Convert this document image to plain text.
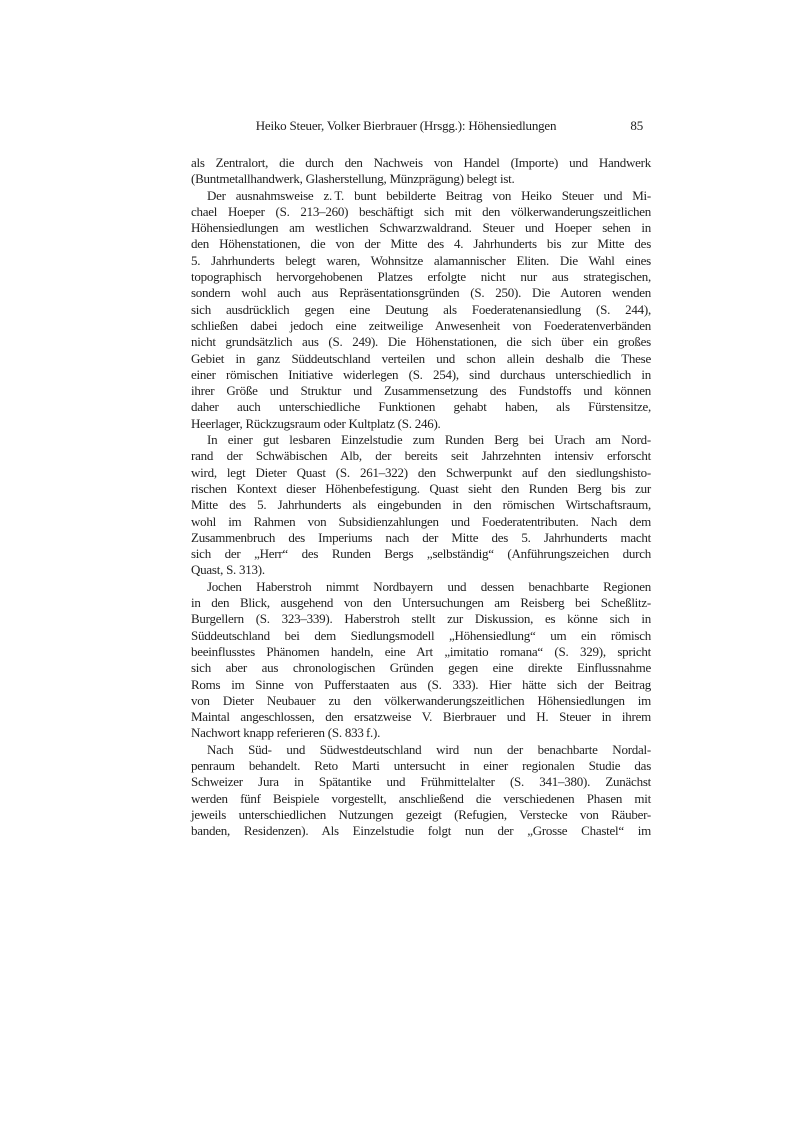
Heiko Steuer, Volker Bierbrauer (Hrsgg.): Höhensiedlungen	85
als Zentralort, die durch den Nachweis von Handel (Importe) und Handwerk
(Buntmetallhandwerk, Glasherstellung, Münzprägung) belegt ist.
Der ausnahmsweise z. T. bunt bebilderte Beitrag von Heiko Steuer und Mi-
chael Hoeper (S. 213–260) beschäftigt sich mit den völkerwanderungszeitlichen
Höhensiedlungen am westlichen Schwarzwaldrand. Steuer und Hoeper sehen in
den Höhenstationen, die von der Mitte des 4. Jahrhunderts bis zur Mitte des
5. Jahrhunderts belegt waren, Wohnsitze alamannischer Eliten. Die Wahl eines
topographisch hervorgehobenen Platzes erfolgte nicht nur aus strategischen,
sondern wohl auch aus Repräsentationsgründen (S. 250). Die Autoren wenden
sich ausdrücklich gegen eine Deutung als Foederatenansiedlung (S. 244),
schließen dabei jedoch eine zeitweilige Anwesenheit von Foederatenverbänden
nicht grundsätzlich aus (S. 249). Die Höhenstationen, die sich über ein großes
Gebiet in ganz Süddeutschland verteilen und schon allein deshalb die These
einer römischen Initiative widerlegen (S. 254), sind durchaus unterschiedlich in
ihrer Größe und Struktur und Zusammensetzung des Fundstoffs und können
daher auch unterschiedliche Funktionen gehabt haben, als Fürstensitze,
Heerlager, Rückzugsraum oder Kultplatz (S. 246).
In einer gut lesbaren Einzelstudie zum Runden Berg bei Urach am Nord-
rand der Schwäbischen Alb, der bereits seit Jahrzehnten intensiv erforscht
wird, legt Dieter Quast (S. 261–322) den Schwerpunkt auf den siedlungshisto-
rischen Kontext dieser Höhenbefestigung. Quast sieht den Runden Berg bis zur
Mitte des 5. Jahrhunderts als eingebunden in den römischen Wirtschaftsraum,
wohl im Rahmen von Subsidienzahlungen und Foederatentributen. Nach dem
Zusammenbruch des Imperiums nach der Mitte des 5. Jahrhunderts macht
sich der „Herr“ des Runden Bergs „selbständig“ (Anführungszeichen durch
Quast, S. 313).
Jochen Haberstroh nimmt Nordbayern und dessen benachbarte Regionen
in den Blick, ausgehend von den Untersuchungen am Reisberg bei Scheßlitz-
Burgellern (S. 323–339). Haberstroh stellt zur Diskussion, es könne sich in
Süddeutschland bei dem Siedlungsmodell „Höhensiedlung“ um ein römisch
beeinflusstes Phänomen handeln, eine Art „imitatio romana“ (S. 329), spricht
sich aber aus chronologischen Gründen gegen eine direkte Einflussnahme
Roms im Sinne von Pufferstaaten aus (S. 333). Hier hätte sich der Beitrag
von Dieter Neubauer zu den völkerwanderungszeitlichen Höhensiedlungen im
Maintal angeschlossen, den ersatzweise V. Bierbrauer und H. Steuer in ihrem
Nachwort knapp referieren (S. 833 f.).
Nach Süd- und Südwestdeutschland wird nun der benachbarte Nordal-
penraum behandelt. Reto Marti untersucht in einer regionalen Studie das
Schweizer Jura in Spätantike und Frühmittelalter (S. 341–380). Zunächst
werden fünf Beispiele vorgestellt, anschließend die verschiedenen Phasen mit
jeweils unterschiedlichen Nutzungen gezeigt (Refugien, Verstecke von Räuber-
banden, Residenzen). Als Einzelstudie folgt nun der „Grosse Chastel“ im
